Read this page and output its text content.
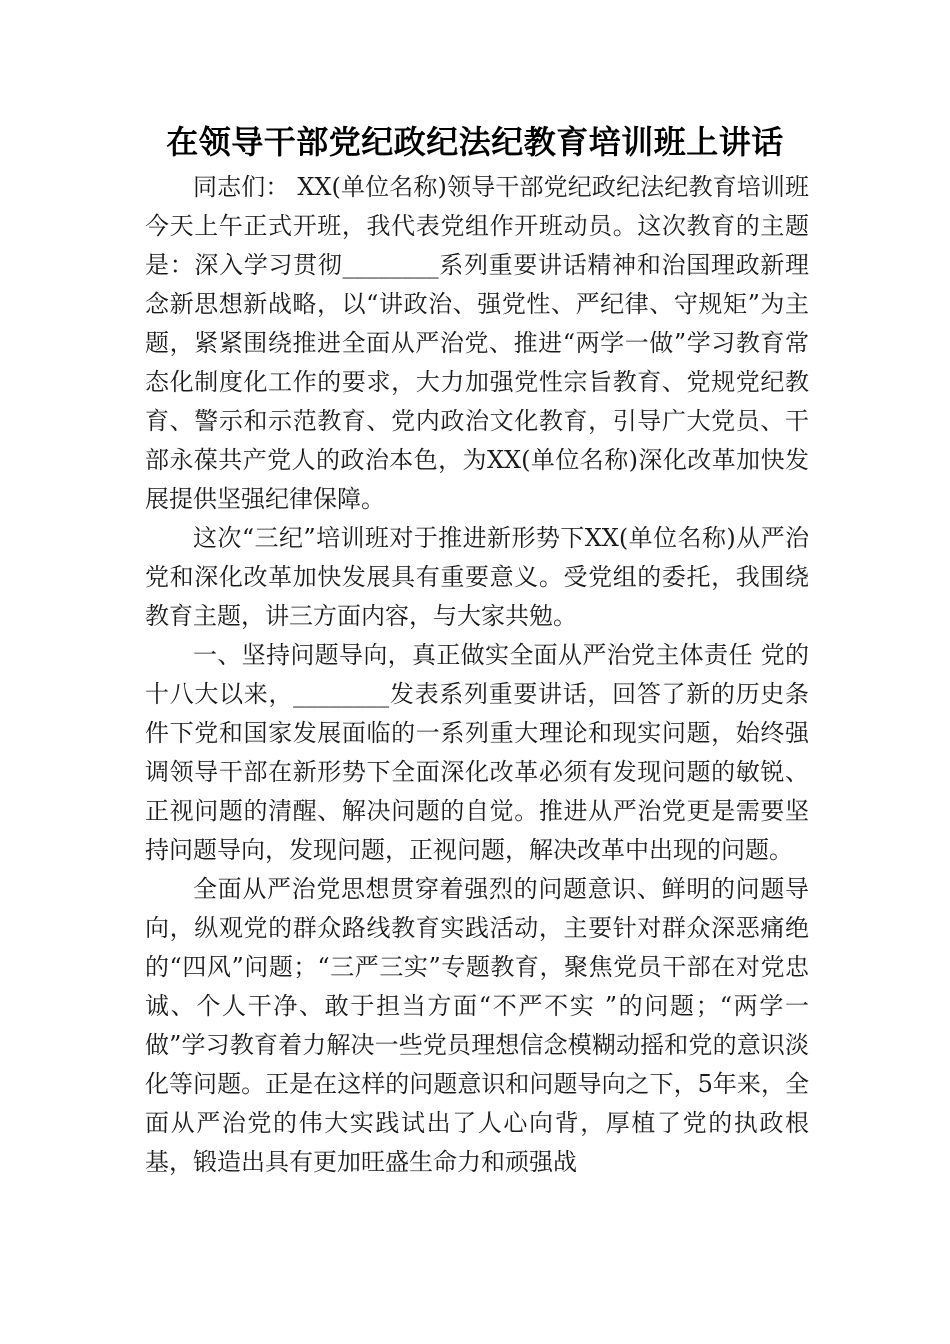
在领导干部党纪政纪法纪教育培训班上讲话

同志们： XX(单位名称)领导干部党纪政纪法纪教育培训班今天上午正式开班，我代表党组作开班动员。这次教育的主题是：深入学习贯彻________系列重要讲话精神和治国理政新理念新思想新战略，以“讲政治、强党性、严纪律、守规矩”为主题，紧紧围绕推进全面从严治党、推进“两学一做”学习教育常态化制度化工作的要求，大力加强党性宗旨教育、党规党纪教育、警示和示范教育、党内政治文化教育，引导广大党员、干部永葆共产党人的政治本色，为XX(单位名称)深化改革加快发展提供坚强纪律保障。

这次“三纪”培训班对于推进新形势下XX(单位名称)从严治党和深化改革加快发展具有重要意义。受党组的委托，我围绕教育主题，讲三方面内容，与大家共勉。

一、坚持问题导向，真正做实全面从严治党主体责任 党的十八大以来，________发表系列重要讲话，回答了新的历史条件下党和国家发展面临的一系列重大理论和现实问题，始终强调领导干部在新形势下全面深化改革必须有发现问题的敏锐、正视问题的清醒、解决问题的自觉。推进从严治党更是需要坚持问题导向，发现问题，正视问题，解决改革中出现的问题。

全面从严治党思想贯穿着强烈的问题意识、鲜明的问题导向，纵观党的群众路线教育实践活动，主要针对群众深恶痛绝的“四风”问题；“三严三实”专题教育，聚焦党员干部在对党忠诚、个人干净、敢于担当方面“不严不实 ”的问题；“两学一做”学习教育着力解决一些党员理想信念模糊动摇和党的意识淡化等问题。正是在这样的问题意识和问题导向之下，5年来，全面从严治党的伟大实践试出了人心向背，厚植了党的执政根基，锻造出具有更加旺盛生命力和顽强战
